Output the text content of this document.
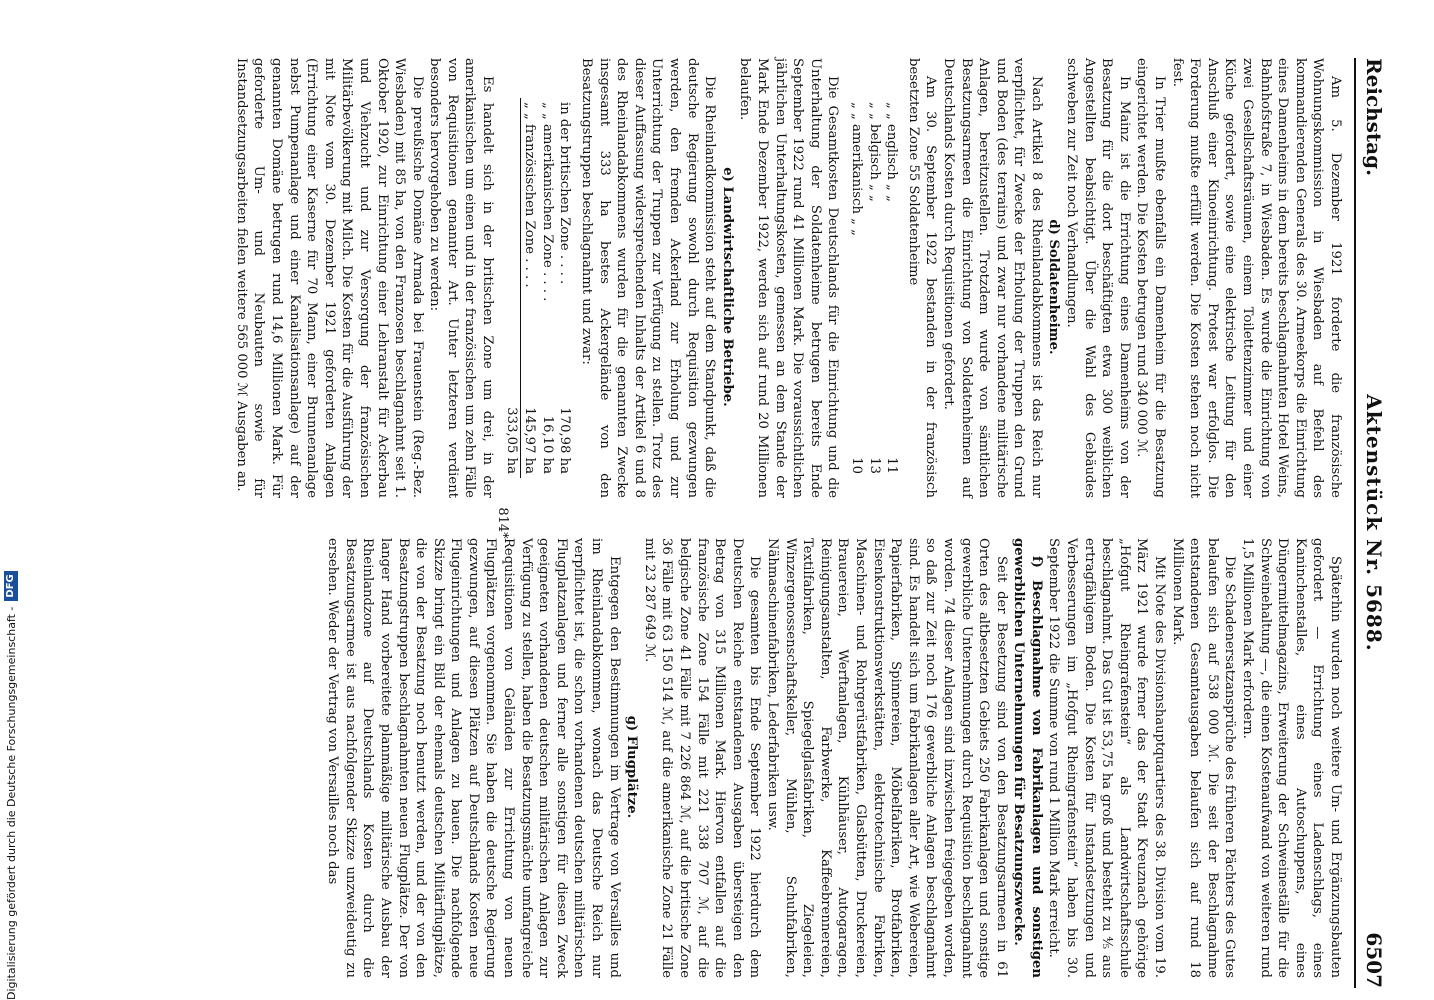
Reichstag.
Aktenstück Nr. 5688.
6507

Am 5. Dezember 1921 forderte die französische Wohnungskommission in Wiesbaden auf Befehl des kommandierenden Generals des 30. Armeekorps die Einrichtung eines Damenheims in dem bereits beschlagnahmten Hotel Weins, Bahnhofstraße 7, in Wiesbaden. Es wurde die Einrichtung von zwei Gesellschaftsräumen, einem Toilettenzimmer und einer Küche gefordert, sowie eine elektrische Leitung für den Anschluß einer Kinoeinrichtung. Protest war erfolglos. Die Forderung mußte erfüllt werden. Die Kosten stehen noch nicht fest.

In Trier mußte ebenfalls ein Damenheim für die Besatzung eingerichtet werden. Die Kosten betrugen rund 340 000 ℳ.

In Mainz ist die Errichtung eines Damenheims von der Besatzung für die dort beschäftigten etwa 300 weiblichen Angestellten beabsichtigt. Über die Wahl des Gebäudes schweben zur Zeit noch Verhandlungen.

d) Soldatenheime.

Nach Artikel 8 des Rheinlandabkommens ist das Reich nur verpflichtet, für Zwecke der Erholung der Truppen den Grund und Boden (des terrains) und zwar nur vorhandene militärische Anlagen, bereitzustellen. Trotzdem wurde von sämtlichen Besatzungsarmeen die Einrichtung von Soldatenheimen auf Deutschlands Kosten durch Requisitionen gefordert.

Am 30. September 1922 bestanden in der französisch besetzten Zone 55 Soldatenheime

„ „ englisch „ „	11
„ „ belgisch „ „	13
„ „ amerikanisch „ „	10

Die Gesamtkosten Deutschlands für die Einrichtung und die Unterhaltung der Soldatenheime betrugen bereits Ende September 1922 rund 41 Millionen Mark. Die voraussichtlichen jährlichen Unterhaltungskosten, gemessen an dem Stande der Mark Ende Dezember 1922, werden sich auf rund 20 Millionen belaufen.

e) Landwirtschaftliche Betriebe.

Die Rheinlandkommission steht auf dem Standpunkt, daß die deutsche Regierung sowohl durch Requisition gezwungen werden, den fremden Ackerland zur Erholung und zur Unterrichtung der Truppen zur Verfügung zu stellen. Trotz des dieser Auffassung widersprechenden Inhalts der Artikel 6 und 8 des Rheinlandabkommens wurden für die genannten Zwecke insgesamt 333 ha bestes Ackergelände von den Besatzungstruppen beschlagnahmt und zwar:

in der britischen Zone . . . .	170,98 ha
„ „ amerikanischen Zone . . . .	16,10 ha
„ „ französischen Zone . . . .	145,97 ha
	333,05 ha

Es handelt sich in der britischen Zone um drei, in der amerikanischen um einen und in der französischen um zehn Fälle von Requisitionen genannter Art. Unter letzteren verdient besonders hervorgehoben zu werden:

Die preußische Domäne Armada bei Frauenstein (Reg.-Bez. Wiesbaden) mit 85 ha, von den Franzosen beschlagnahmt seit 1. Oktober 1920, zur Einrichtung einer Lehranstalt für Ackerbau und Viehzucht und zur Versorgung der französischen Militärbevölkerung mit Milch. Die Kosten für die Ausführung der mit Note vom 30. Dezember 1921 geforderten Anlagen (Errichtung einer Kaserne für 70 Mann, einer Brunnenanlage nebst Pumpenanlage und einer Kanalisationsanlage) auf der genannten Domäne betrugen rund 14,6 Millionen Mark. Für geforderte Um- und Neubauten sowie für Instandsetzungsarbeiten fielen weitere 565 000 ℳ Ausgaben an.

Späterhin wurden noch weitere Um- und Ergänzungsbauten gefordert — Errichtung eines Ladenschlags, eines Kaninchenstalles, eines Autoschuppens, eines Düngermittelmagazins, Erweiterung der Schweineställe für die Schweinehaltung —, die einen Kostenaufwand von weiteren rund 1,5 Millionen Mark erfordern.

Die Schadenersatzansprüche des früheren Pächters des Gutes belaufen sich auf 538 000 ℳ. Die seit der Beschlagnahme entstandenen Gesamtausgaben belaufen sich auf rund 18 Millionen Mark.

Mit Note des Divisionshauptquartiers des 38. Division vom 19. März 1921 wurde ferner das der Stadt Kreuznach gehörige „Hofgut Rheingrafenstein“ als Landwirtschaftsschule beschlagnahmt. Das Gut ist 53,75 ha groß und besteht zu ⅘ aus ertragfähigem Boden. Die Kosten für Instandsetzungen und Verbesserungen im „Hofgut Rheingrafenstein“ haben bis 30. September 1922 die Summe von rund 1 Million Mark erreicht.

f) Beschlagnahme von Fabrikanlagen und sonstigen gewerblichen Unternehmungen für Besatzungszwecke.

Seit der Besetzung sind von den Besatzungsarmeen in 61 Orten des altbesetzten Gebiets 250 Fabrikanlagen und sonstige gewerbliche Unternehmungen durch Requisition beschlagnahmt worden. 74 dieser Anlagen sind inzwischen freigegeben worden, so daß zur Zeit noch 176 gewerbliche Anlagen beschlagnahmt sind. Es handelt sich um Fabrikanlagen aller Art, wie Webereien, Papierfabriken, Spinnereien, Möbelfabriken, Brotfabriken, Eisenkonstruktionswerkstätten, elektrotechnische Fabriken, Maschinen- und Rohrgerüstfabriken, Glasbütten, Druckereien, Brauereien, Werftanlagen, Kühlhäuser, Autogaragen, Reinigungsanstalten, Farbwerke, Kaffeebrennereien, Textilfabriken, Spiegelglasfabriken, Ziegeleien, Winzergenossenschaftskeller, Mühlen, Schuhfabriken, Nähmaschinenfabriken, Lederfabriken usw.

Die gesamten bis Ende September 1922 hierdurch dem Deutschen Reiche entstandenen Ausgaben übersteigen den Betrag von 315 Millionen Mark. Hiervon entfallen auf die französische Zone 154 Fälle mit 221 338 707 ℳ, auf die belgische Zone 41 Fälle mit 7 226 864 ℳ, auf die britische Zone 36 Fälle mit 63 150 514 ℳ, auf die amerikanische Zone 21 Fälle mit 23 287 649 ℳ.

g) Flugplätze.

Entgegen den Bestimmungen im Vertrage von Versailles und im Rheinlandabkommen, wonach das Deutsche Reich nur verpflichtet ist, die schon vorhandenen deutschen militärischen Flugplatzanlagen und ferner alle sonstigen für diesen Zweck geeigneten vorhandenen deutschen militärischen Anlagen zur Verfügung zu stellen, haben die Besatzungsmächte umfangreiche Requisitionen von Geländen zur Errichtung von neuen Flugplätzen vorgenommen. Sie haben die deutsche Regierung gezwungen, auf diesen Plätzen auf Deutschlands Kosten neue Flugeinrichtungen und Anlagen zu bauen. Die nachfolgende Skizze bringt ein Bild der ehemals deutschen Militärflugplätze, die von der Besatzung noch benutzt werden, und der von den Besatzungstruppen beschlagnahmten neuen Flugplätze. Der von langer Hand vorbereitete planmäßige militärische Ausbau der Rheinlandzone auf Deutschlands Kosten durch die Besatzungsarmee ist aus nachfolgender Skizze unzweideutig zu ersehen. Weder der Vertrag von Versailles noch das

814*
Digitalisierung gefördert durch die Deutsche Forschungsgemeinschaft -
DFG
